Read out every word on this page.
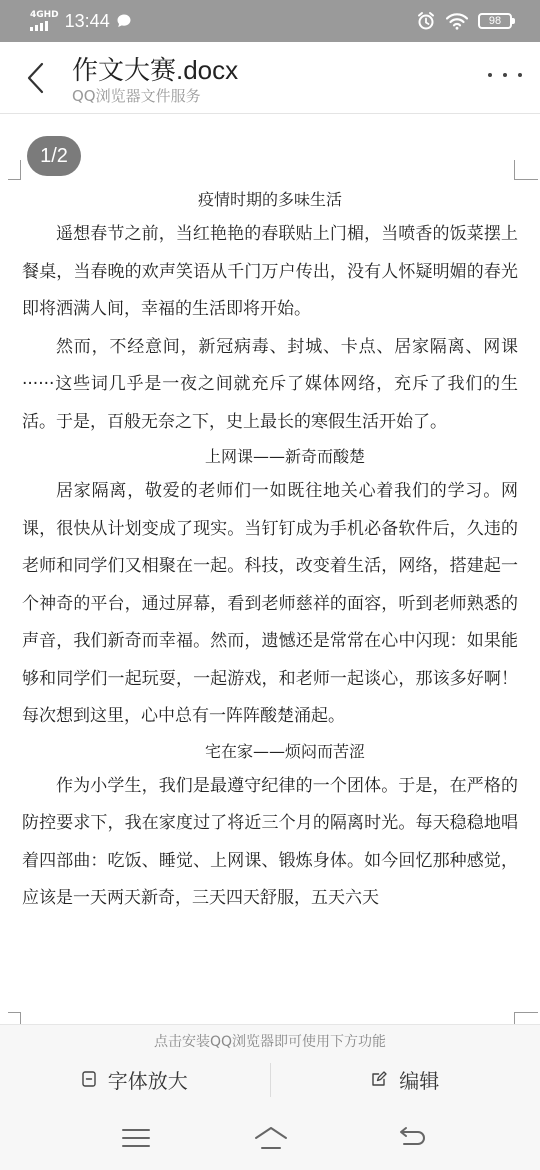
4GHD 13:44	98
作文大赛.docx
QQ浏览器文件服务
1/2
疫情时期的多味生活

遥想春节之前，当红艳艳的春联贴上门楣，当喷香的饭菜摆上餐桌，当春晚的欢声笑语从千门万户传出，没有人怀疑明媚的春光即将洒满人间，幸福的生活即将开始。

然而，不经意间，新冠病毒、封城、卡点、居家隔离、网课······这些词几乎是一夜之间就充斥了媒体网络，充斥了我们的生活。于是，百般无奈之下，史上最长的寒假生活开始了。

上网课——新奇而酸楚

居家隔离，敬爱的老师们一如既往地关心着我们的学习。网课，很快从计划变成了现实。当钉钉成为手机必备软件后，久违的老师和同学们又相聚在一起。科技，改变着生活，网络，搭建起一个神奇的平台，通过屏幕，看到老师慈祥的面容，听到老师熟悉的声音，我们新奇而幸福。然而，遗憾还是常常在心中闪现：如果能够和同学们一起玩耍，一起游戏，和老师一起谈心，那该多好啊！每次想到这里，心中总有一阵阵酸楚涌起。

宅在家——烦闷而苦涩

作为小学生，我们是最遵守纪律的一个团体。于是，在严格的防控要求下，我在家度过了将近三个月的隔离时光。每天稳稳地唱着四部曲：吃饭、睡觉、上网课、锻炼身体。如今回忆那种感觉，应该是一天两天新奇，三天四天舒服，五天六天

点击安装QQ浏览器即可使用下方功能
字体放大	编辑
